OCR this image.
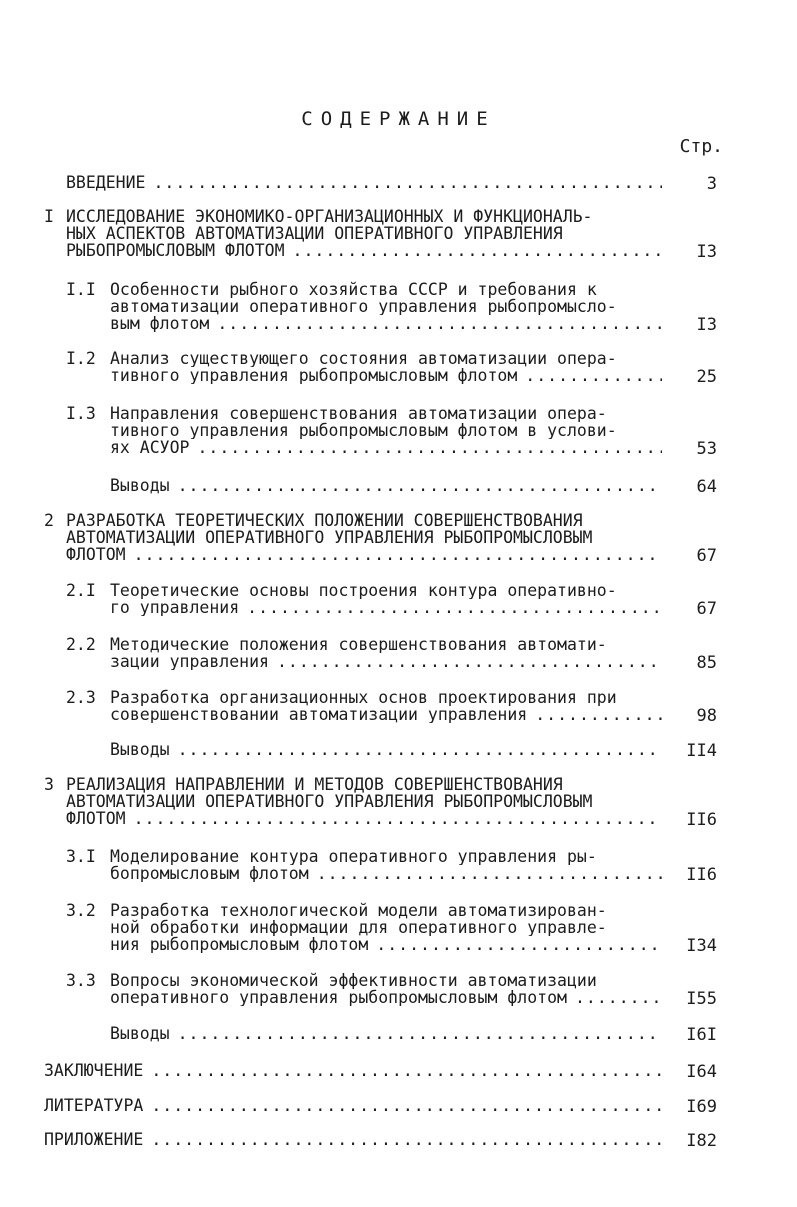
СОДЕРЖАНИЕ
Стр.
ВВЕДЕНИЕ .....	3
I ИССЛЕДОВАНИЕ ЭКОНОМИКО-ОРГАНИЗАЦИОННЫХ И ФУНКЦИОНАЛЬ-
НЫХ АСПЕКТОВ АВТОМАТИЗАЦИИ ОПЕРАТИВНОГО УПРАВЛЕНИЯ
РЫБОПРОМЫСЛОВЫМ ФЛОТОМ .....	I3
I.I Особенности рыбного хозяйства СССР и требования к
автоматизации оперативного управления рыбопромысло-
вым флотом .....	I3
I.2 Анализ существующего состояния автоматизации опера-
тивного управления рыбопромысловым флотом .....	25
I.3 Направления совершенствования автоматизации опера-
тивного управления рыбопромысловым флотом в услови-
ях АСУОР .....	53
Выводы .....	64
2 РАЗРАБОТКА ТЕОРЕТИЧЕСКИХ ПОЛОЖЕНИЙ СОВЕРШЕНСТВОВАНИЯ
АВТОМАТИЗАЦИИ ОПЕРАТИВНОГО УПРАВЛЕНИЯ РЫБОПРОМЫСЛОВЫМ
ФЛОТОМ .....	67
2.I Теоретические основы построения контура оперативно-
го управления .....	67
2.2 Методические положения совершенствования автомати-
зации управления .....	85
2.3 Разработка организационных основ проектирования при
совершенствовании автоматизации управления .....	98
Выводы .....	II4
3 РЕАЛИЗАЦИЯ НАПРАВЛЕНИЙ И МЕТОДОВ СОВЕРШЕНСТВОВАНИЯ
АВТОМАТИЗАЦИИ ОПЕРАТИВНОГО УПРАВЛЕНИЯ РЫБОПРОМЫСЛОВЫМ
ФЛОТОМ .....	II6
3.I Моделирование контура оперативного управления ры-
бопромысловым флотом .....	II6
3.2 Разработка технологической модели автоматизирован-
ной обработки информации для оперативного управле-
ния рыбопромысловым флотом .....	I34
3.3 Вопросы экономической эффективности автоматизации
оперативного управления рыбопромысловым флотом .....	I55
Выводы .....	I6I
ЗАКЛЮЧЕНИЕ .....	I64
ЛИТЕРАТУРА .....	I69
ПРИЛОЖЕНИЕ .....	I82
